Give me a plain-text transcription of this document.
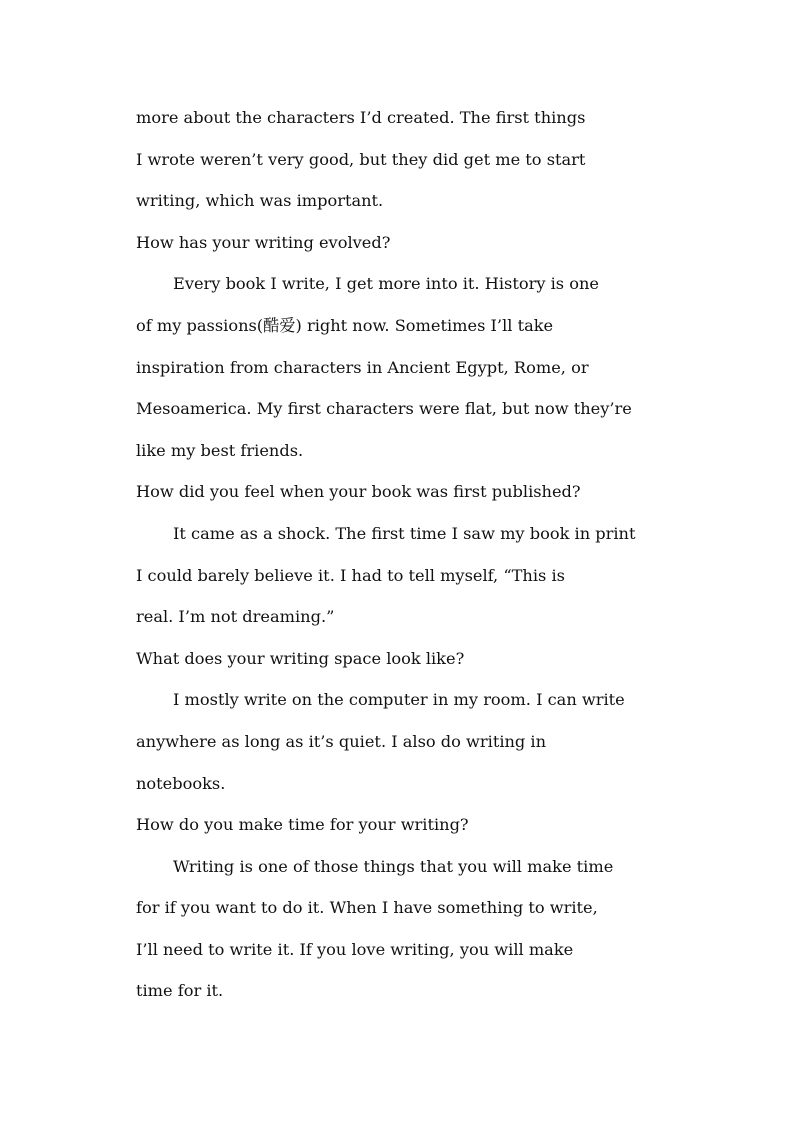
more about the characters I’d created. The first things
I wrote weren’t very good, but they did get me to start
writing, which was important.
How has your writing evolved?
Every book I write, I get more into it. History is one
of my passions(酷爱) right now. Sometimes I’ll take
inspiration from characters in Ancient Egypt, Rome, or
Mesoamerica. My first characters were flat, but now they’re
like my best friends.
How did you feel when your book was first published?
It came as a shock. The first time I saw my book in print
I could barely believe it. I had to tell myself, “This is
real. I’m not dreaming.”
What does your writing space look like?
I mostly write on the computer in my room. I can write
anywhere as long as it’s quiet. I also do writing in
notebooks.
How do you make time for your writing?
Writing is one of those things that you will make time
for if you want to do it. When I have something to write,
I’ll need to write it. If you love writing, you will make
time for it.
